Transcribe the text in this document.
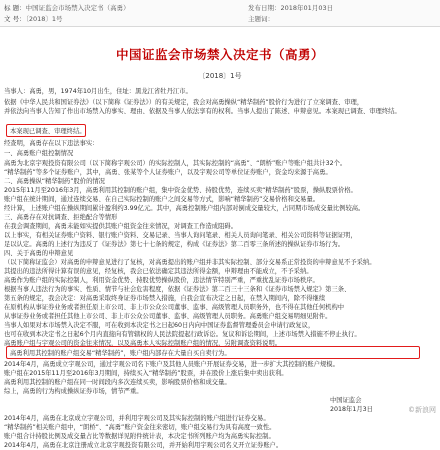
标 题：中国证监会市场禁入决定书（高勇）	发布日期：2018年01月03日
文 号：〔2018〕1号	主题词：
中国证监会市场禁入决定书（高勇）
〔2018〕1号
当事人：高勇，男，1974年10月出生，住址：黑龙江省牡丹江市。
依据《中华人民共和国证券法》（以下简称《证券法》）的有关规定，我会对高勇操纵“精华制药”股价行为进行了立案调查、审理，
并依法向当事人告知了作出市场禁入的事实、理由、依据及当事人依法享有的权利。当事人提出了陈述、申辩意见。本案现已调查、审理终结。
本案现已调查、审理终结。
经查明，高勇存在以下违法事实：
一、高勇账户组控制情况
高勇为北京宇观投资有限公司（以下简称宇观公司）的实际控制人，其实际控制的“高勇”、“朗桥”账户等账户组共计32个。
“精华制药”等多个证券账户，其中，高勇、张某等个人证券账户，以及宇观公司等单位证券账户，资金均来源于高勇。
二、高勇操纵“精华制药”股价的情况
2015年11月至2016年3月，高勇利用其控制的账户组，集中资金优势、持股优势，连续买卖“精华制药”股票，操纵股票价格。
账户组在统计期间，通过连续交易、在自己实际控制的账户之间交易等方式，影响“精华制药”交易价格和交易量。
经计算，上述账户组在操纵期间累计盈利约3.99亿元。其中，高勇控制账户组内部对倒成交量较大，占同期市场成交量比例较高。
三、高勇存在对抗调查、拒绝配合等情形
在我会调查期间，高勇未能如实提供其账户组资金往来情况，对调查工作造成阻碍。
以上事实，有相关证券账户资料、银行账户资料、交易记录、当事人询问笔录、相关人员询问笔录、相关公司资料等证据证明，
足以认定。高勇的上述行为违反了《证券法》第七十七条的规定，构成《证券法》第二百零三条所述的操纵证券市场行为。
四、关于高勇的申辩意见
（以下简称证监会）对高勇的申辩意见进行了复核，对高勇提出的账户组并非其实际控制、部分交易系正常投资的申辩意见不予采纳。
其提出的违法所得计算有误的意见，经复核，我会已依法确定其违法所得金额，申辩理由不能成立，不予采纳。
高勇作为账户组的实际控制人，利用资金优势、持股优势操纵股价，违法情节特别严重，严重扰乱证券市场秩序。
根据当事人违法行为的事实、性质、情节与社会危害程度，依据《证券法》第二百三十三条和《证券市场禁入规定》第三条、
第五条的规定，我会决定：对高勇采取终身证券市场禁入措施，自我会宣布决定之日起，在禁入期间内，除不得继续
在原机构从事证券业务或者担任原上市公司、非上市公众公司董事、监事、高级管理人员职务外，也不得在其他任何机构中
从事证券业务或者担任其他上市公司、非上市公众公司董事、监事、高级管理人员职务。高勇账户组交易明细见附件。
当事人如果对本市场禁入决定不服，可在收到本决定书之日起60日内向中国证券监督管理委员会申请行政复议，
也可在收到本决定书之日起6个月内直接向有管辖权的人民法院提起行政诉讼。复议和诉讼期间，上述市场禁入措施不停止执行。
高勇账户组与宇观公司的资金往来情况，以及高勇本人实际控制账户组的情况，另附调查资料说明。
高勇利用其控制的账户组交易“精华制药”，账户组内部存在大量自买自卖行为。
2014年4月，高勇成立宇观公司，通过宇观公司名下账户及其他人员账户开展证券交易，进一步扩大其控制的账户规模。
账户组在2015年11月至2016年3月期间，持续买入“精华制药”股票，并在股价上涨后集中卖出获利。
高勇利用其控制的账户组在同一时间段内多次连续买卖，影响股票价格和成交量。
综上，高勇的行为构成操纵证券市场，情节严重。
中国证监会
2018年1月3日
2014年4月，高勇在北京成立宇观公司，并利用宇观公司及其实际控制的账户组进行证券交易。
“精华制药”相关账户组中，“朗桥”、“高勇”账户资金往来密切，账户组交易行为具有高度一致性。
账户组合计持股比例及成交量占比等数据详见附件统计表，本决定书所列账户均为高勇实际控制。
2014年4月，高勇在北京注册成立北京宇观投资有限公司，并开始利用宇观公司名义开立证券账户。
©新浪网
